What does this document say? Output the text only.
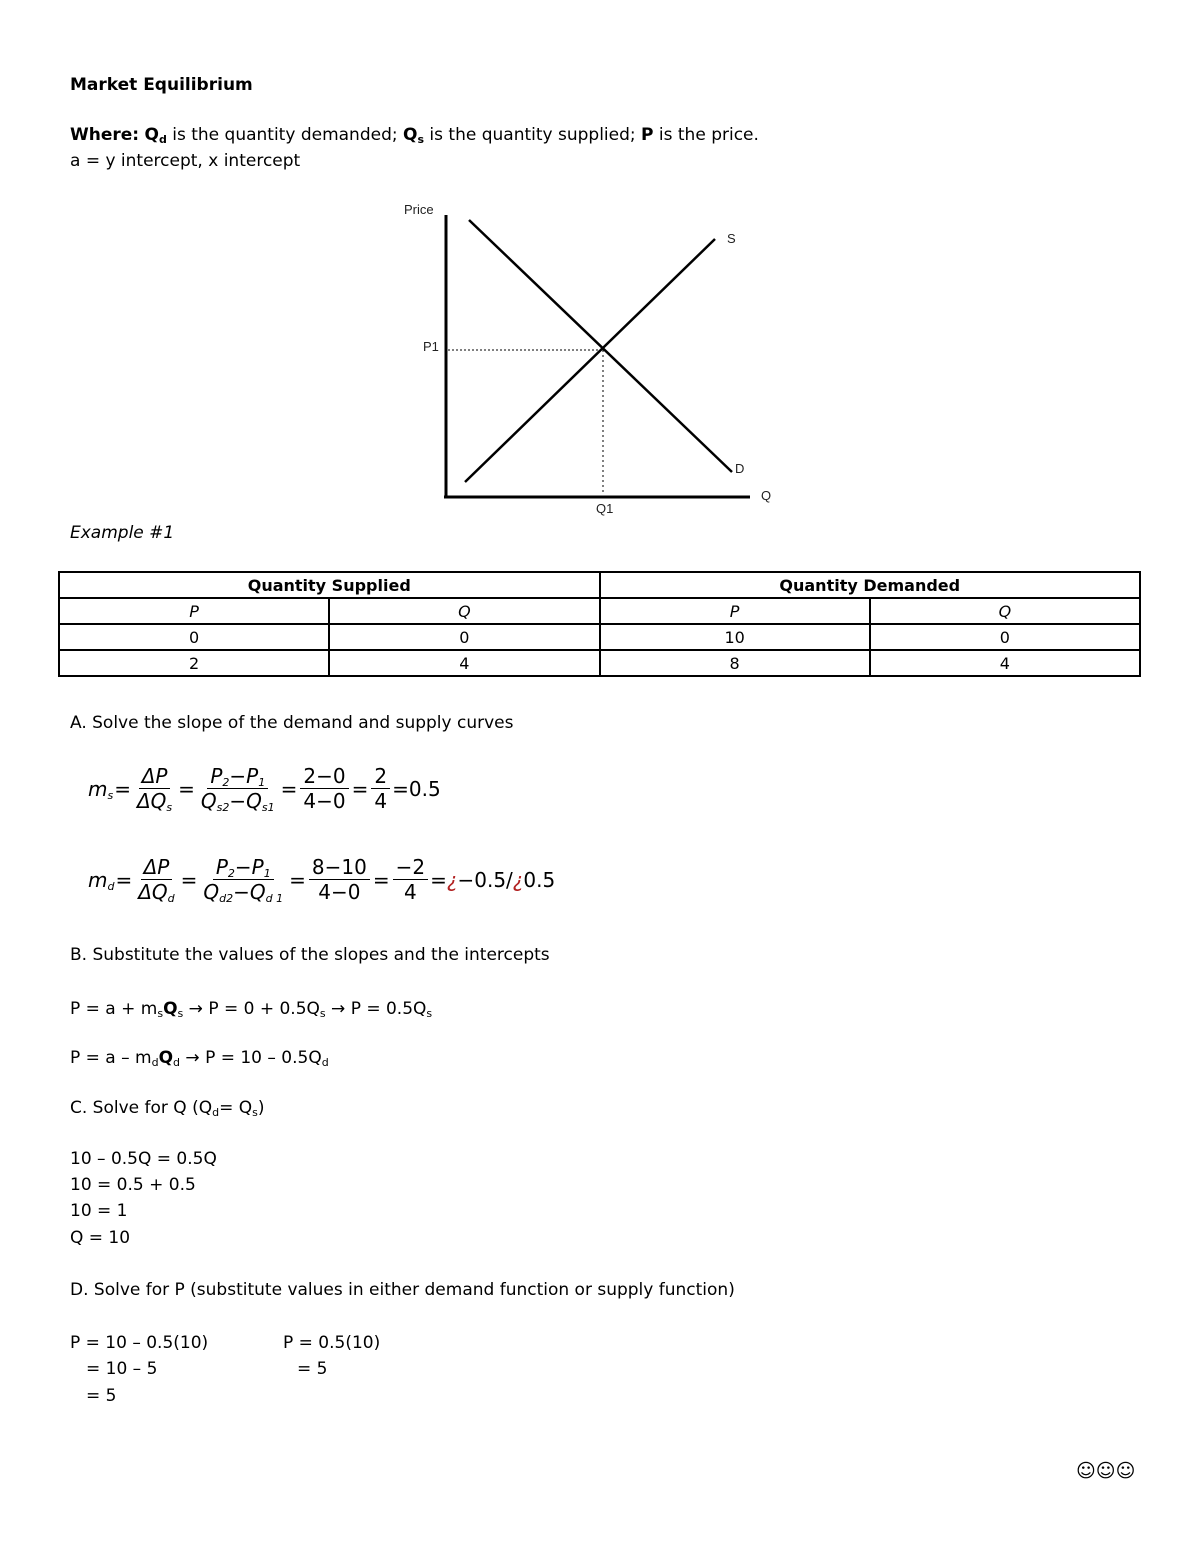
Market Equilibrium
Where: $Q_d$ is the quantity demanded; $Q_s$ is the quantity supplied; P is the price.
a = y intercept, x intercept
Price
P1
S
D
Q
Q1
Example #1
Quantity Supplied		Quantity Demanded	
P	Q	P	Q
0	0	10	0
2	4	8	4
A. Solve the slope of the demand and supply curves
$m_s = \frac{\Delta P}{\Delta Q_s} = \frac{P_2-P_1}{Q_{s2}-Q_{s1}} = \frac{2-0}{4-0} = \frac{2}{4} =0.5$
$m_d = \frac{\Delta P}{\Delta Q_d} = \frac{P_2-P_1}{Q_{d2}-Q_{d 1}} = \frac{8-10}{4-0} = \frac{-2}{4}$ =¿−0.5/¿0.5
B. Substitute the values of the slopes and the intercepts
$P = a + m_sQ_s \to P = 0 + 0.5Q_s \to P = 0.5Q_s$
$P = a - m_dQ_d \to P = 10 - 0.5Q_d$
C. Solve for Q $(Q_d= Q_s)$
10 – 0.5Q = 0.5Q
10 = 0.5 + 0.5
10 = 1
Q = 10
D. Solve for P (substitute values in either demand function or supply function)
P = 10 – 0.5(10)
= 10 – 5
= 5
P = 0.5(10)
= 5
☺☺☺
